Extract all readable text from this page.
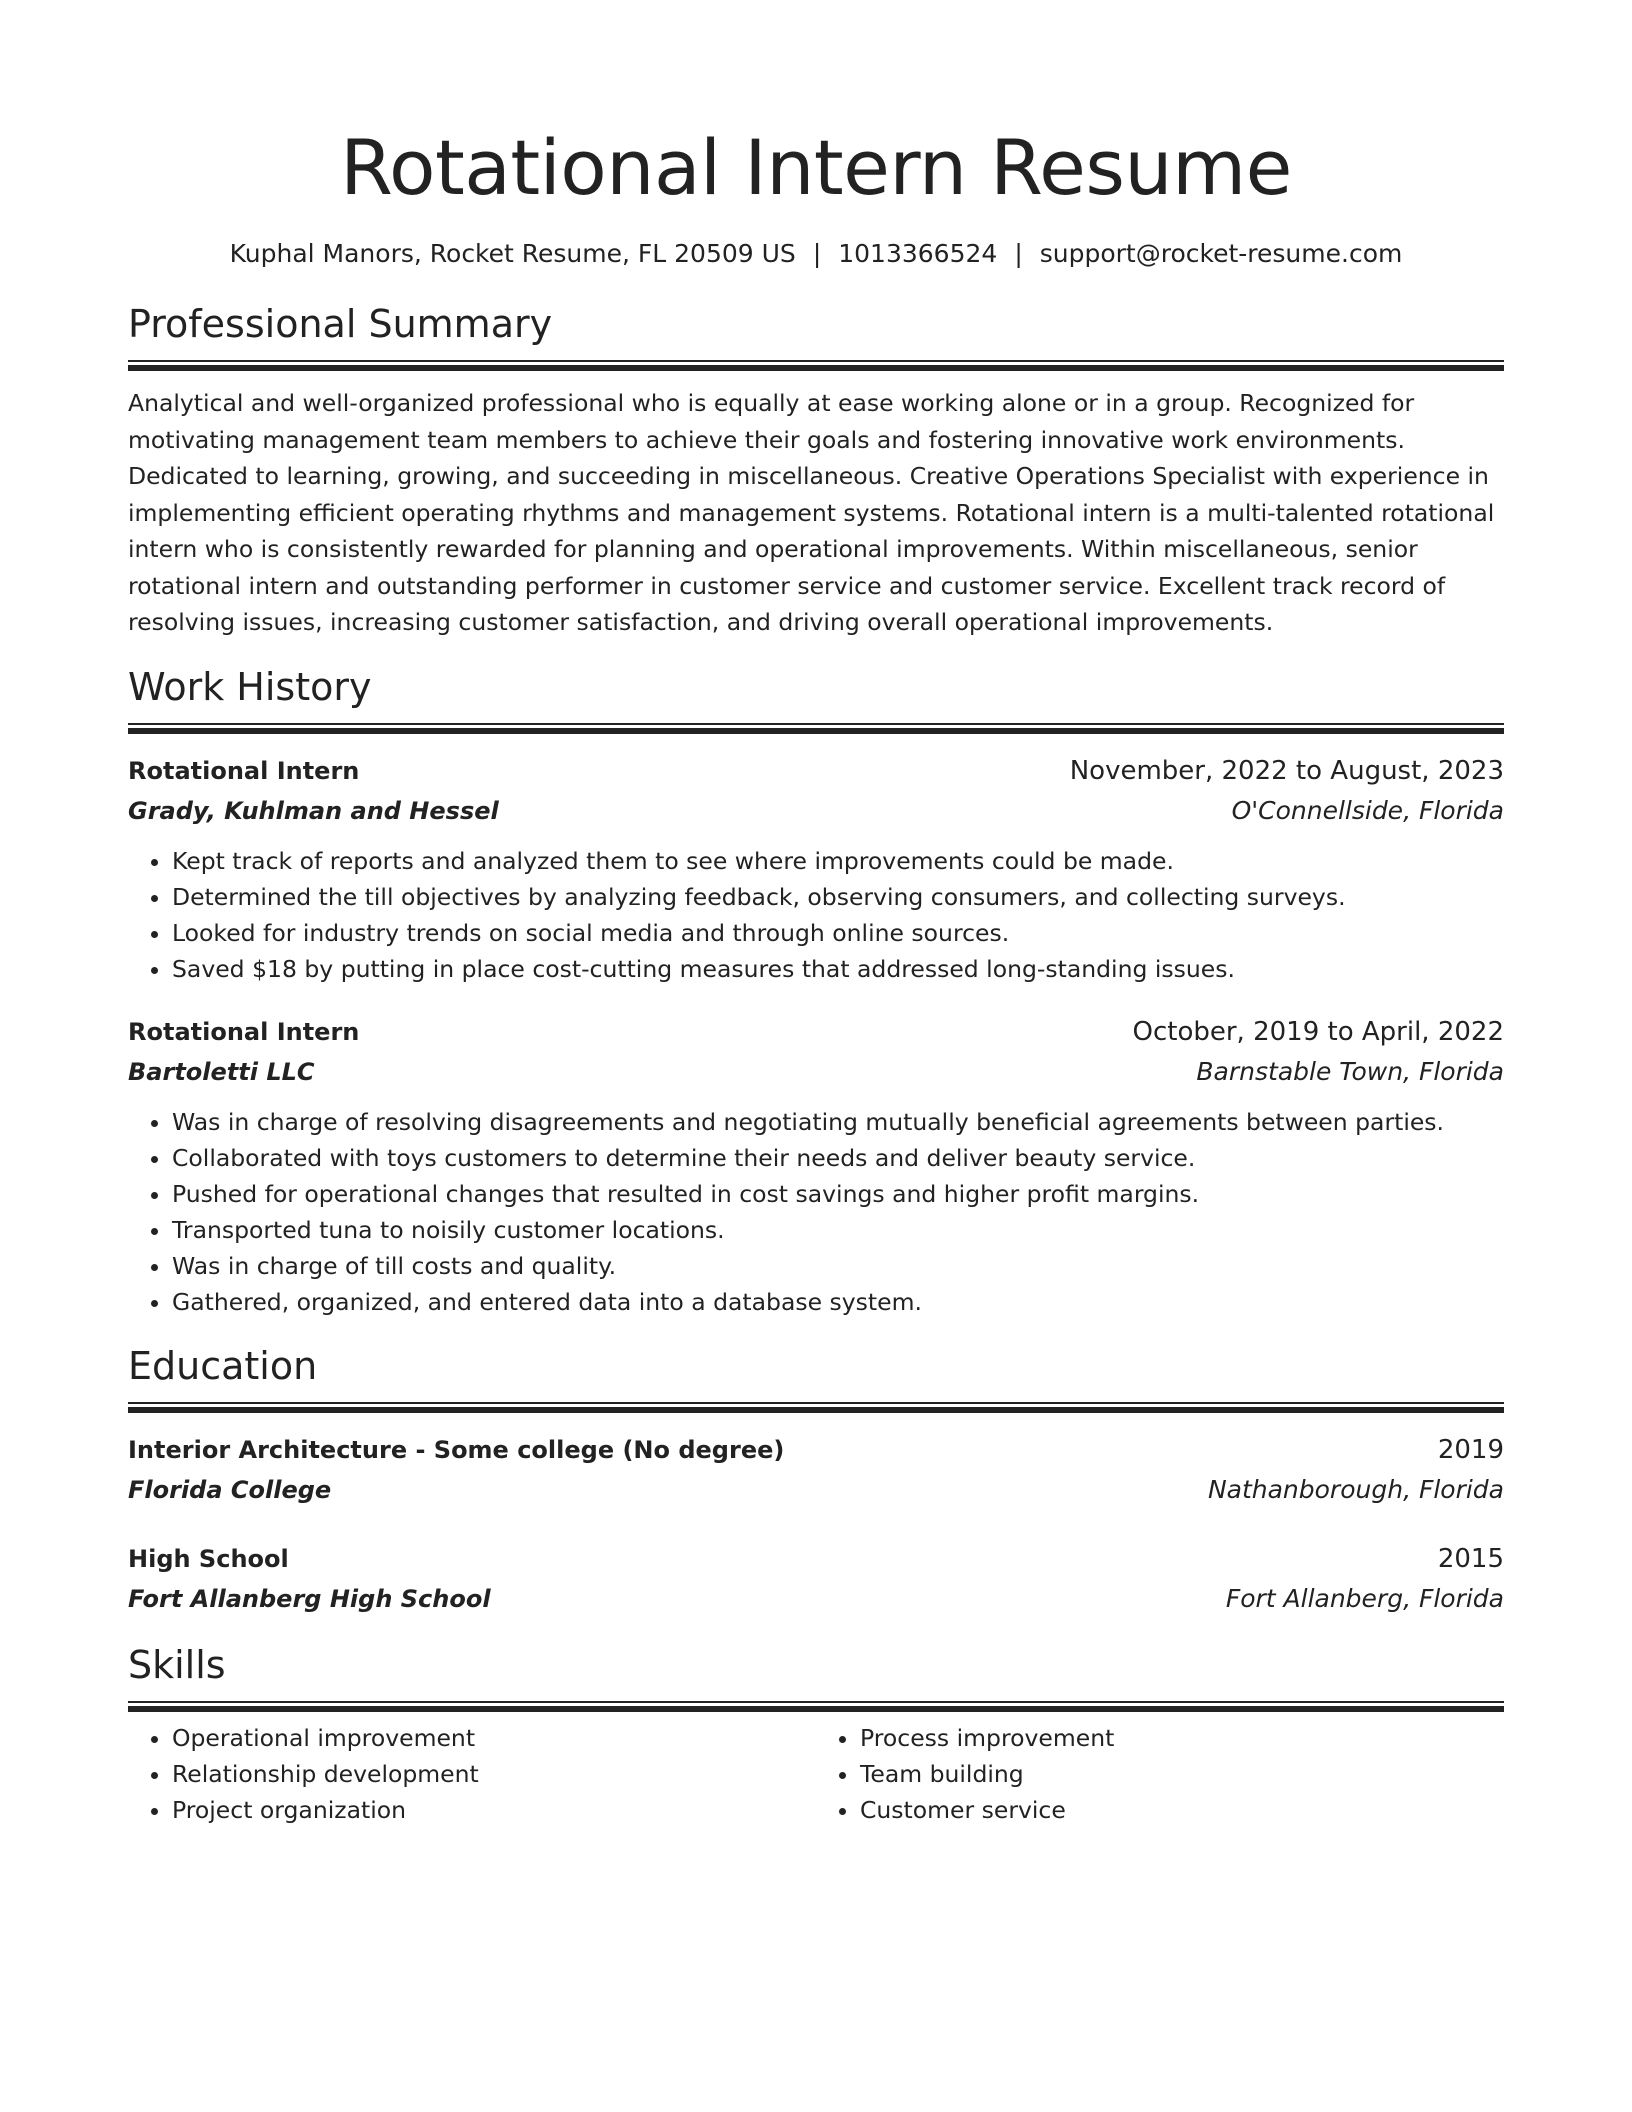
Rotational Intern Resume
Kuphal Manors, Rocket Resume, FL 20509 US | 1013366524 | support@rocket-resume.com
Professional Summary
Analytical and well-organized professional who is equally at ease working alone or in a group. Recognized for motivating management team members to achieve their goals and fostering innovative work environments. Dedicated to learning, growing, and succeeding in miscellaneous. Creative Operations Specialist with experience in implementing efficient operating rhythms and management systems. Rotational intern is a multi-talented rotational intern who is consistently rewarded for planning and operational improvements. Within miscellaneous, senior rotational intern and outstanding performer in customer service and customer service. Excellent track record of resolving issues, increasing customer satisfaction, and driving overall operational improvements.
Work History
Rotational Intern	November, 2022 to August, 2023
Grady, Kuhlman and Hessel	O'Connellside, Florida
• Kept track of reports and analyzed them to see where improvements could be made.
• Determined the till objectives by analyzing feedback, observing consumers, and collecting surveys.
• Looked for industry trends on social media and through online sources.
• Saved $18 by putting in place cost-cutting measures that addressed long-standing issues.
Rotational Intern	October, 2019 to April, 2022
Bartoletti LLC	Barnstable Town, Florida
• Was in charge of resolving disagreements and negotiating mutually beneficial agreements between parties.
• Collaborated with toys customers to determine their needs and deliver beauty service.
• Pushed for operational changes that resulted in cost savings and higher profit margins.
• Transported tuna to noisily customer locations.
• Was in charge of till costs and quality.
• Gathered, organized, and entered data into a database system.
Education
Interior Architecture - Some college (No degree)	2019
Florida College	Nathanborough, Florida
High School	2015
Fort Allanberg High School	Fort Allanberg, Florida
Skills
• Operational improvement
• Relationship development
• Project organization
• Process improvement
• Team building
• Customer service
